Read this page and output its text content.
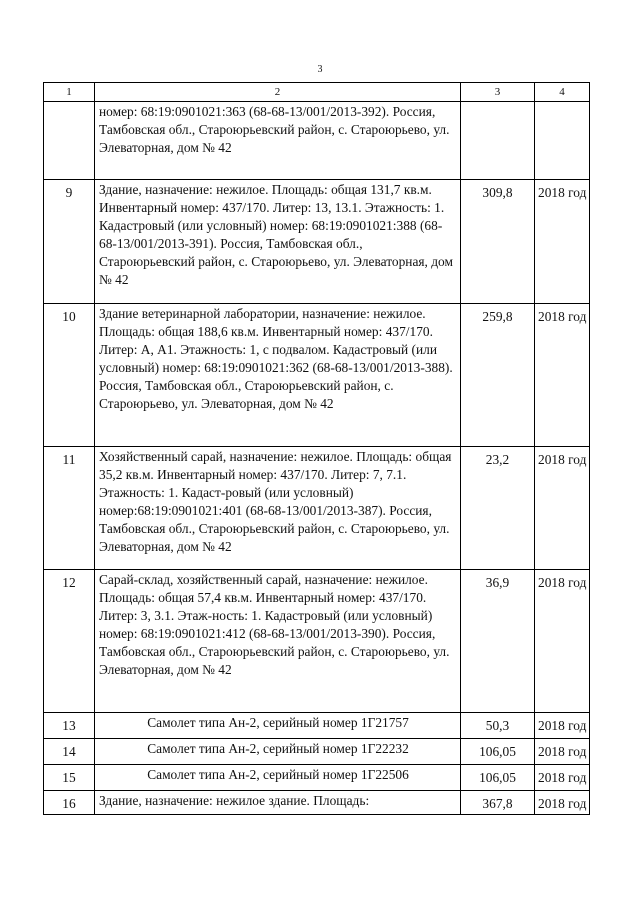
3
1	2	3	4
	номер: 68:19:0901021:363 (68-68-13/001/2013-392). Россия, Тамбовская обл., Староюрьевский район, с. Староюрьево, ул. Элеваторная, дом № 42		
9	Здание, назначение: нежилое. Площадь: общая 131,7 кв.м. Инвентарный номер: 437/170. Литер: 13, 13.1. Этажность: 1. Кадастровый (или условный) номер: 68:19:0901021:388 (68-68-13/001/2013-391). Россия, Тамбовская обл., Староюрьевский район, с. Староюрьево, ул. Элеваторная, дом № 42	309,8	2018 год
10	Здание ветеринарной лаборатории, назначение: нежилое. Площадь: общая 188,6 кв.м. Инвентарный номер: 437/170. Литер: А, А1. Этажность: 1, с подвалом. Кадастровый (или условный) номер: 68:19:0901021:362 (68-68-13/001/2013-388). Россия, Тамбовская обл., Староюрьевский район, с. Староюрьево, ул. Элеваторная, дом № 42	259,8	2018 год
11	Хозяйственный сарай, назначение: нежилое. Площадь: общая 35,2 кв.м. Инвентарный номер: 437/170. Литер: 7, 7.1. Этажность: 1. Кадаст-ровый (или условный) номер:68:19:0901021:401 (68-68-13/001/2013-387). Россия, Тамбовская обл., Староюрьевский район, с. Староюрьево, ул. Элеваторная, дом № 42	23,2	2018 год
12	Сарай-склад, хозяйственный сарай, назначение: нежилое. Площадь: общая 57,4 кв.м. Инвентарный номер: 437/170. Литер: 3, 3.1. Этаж-ность: 1. Кадастровый (или условный) номер: 68:19:0901021:412 (68-68-13/001/2013-390). Россия, Тамбовская обл., Староюрьевский район, с. Староюрьево, ул. Элеваторная, дом № 42	36,9	2018 год
13	Самолет типа Ан-2, серийный номер 1Г21757	50,3	2018 год
14	Самолет типа Ан-2, серийный номер 1Г22232	106,05	2018 год
15	Самолет типа Ан-2, серийный номер 1Г22506	106,05	2018 год
16	Здание, назначение: нежилое здание. Площадь:	367,8	2018 год
